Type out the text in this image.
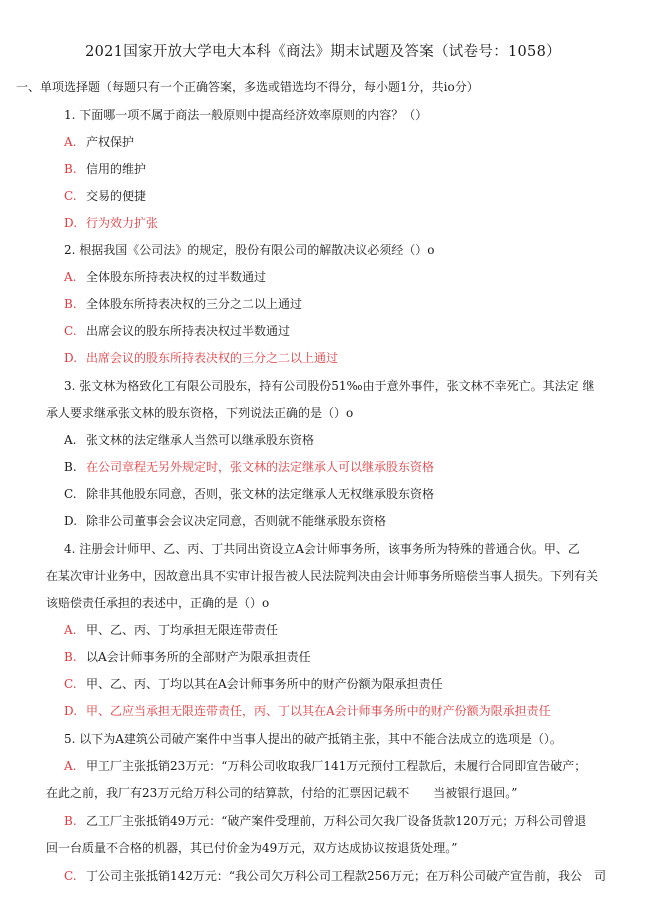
2021国家开放大学电大本科《商法》期末试题及答案（试卷号：1058）
一、单项选择题（每题只有一个正确答案，多选或错选均不得分，每小题1分，共io分）
1. 下面哪一项不属于商法一般原则中提高经济效率原则的内容？（）
A. 产权保护
B. 信用的维护
C. 交易的便捷
D. 行为效力扩张
2. 根据我国《公司法》的规定，股份有限公司的解散决议必须经（）o
A. 全体股东所持表决权的过半数通过
B. 全体股东所持表决权的三分之二以上通过
C. 出席会议的股东所持表决权过半数通过
D. 出席会议的股东所持表决权的三分之二以上通过
3. 张文林为格致化工有限公司股东，持有公司股份51‰由于意外事件，张文林不幸死亡。其法定 继
承人要求继承张文林的股东资格，下列说法正确的是（）o
A. 张文林的法定继承人当然可以继承股东资格
B. 在公司章程无另外规定时，张文林的法定继承人可以继承股东资格
C. 除非其他股东同意，否则，张文林的法定继承人无权继承股东资格
D. 除非公司董事会会议决定同意，否则就不能继承股东资格
4. 注册会计师甲、乙、丙、丁共同出资设立A会计师事务所，该事务所为特殊的普通合伙。甲、乙
在某次审计业务中，因故意出具不实审计报告被人民法院判决由会计师事务所赔偿当事人损失。下列有关
该赔偿责任承担的表述中，正确的是（）o
A. 甲、乙、丙、丁均承担无限连带责任
B. 以A会计师事务所的全部财产为限承担责任
C. 甲、乙、丙、丁均以其在A会计师事务所中的财产份额为限承担责任
D. 甲、乙应当承担无限连带责任，丙、丁以其在A会计师事务所中的财产份额为限承担责任
5. 以下为A建筑公司破产案件中当事人提出的破产抵销主张，其中不能合法成立的选项是（）。
A. 甲工厂主张抵销23万元：“万科公司收取我厂141万元预付工程款后，未履行合同即宣告破产；
在此之前，我厂有23万元给万科公司的结算款，付给的汇票因记载不　　当被银行退回。”
B. 乙工厂主张抵销49万元：“破产案件受理前，万科公司欠我厂设备货款120万元；万科公司曾退
回一台质量不合格的机器，其已付价金为49万元，双方达成协议按退货处理。”
C. 丁公司主张抵销142万元：“我公司欠万科公司工程款256万元；在万科公司破产宣告前，我公　司
